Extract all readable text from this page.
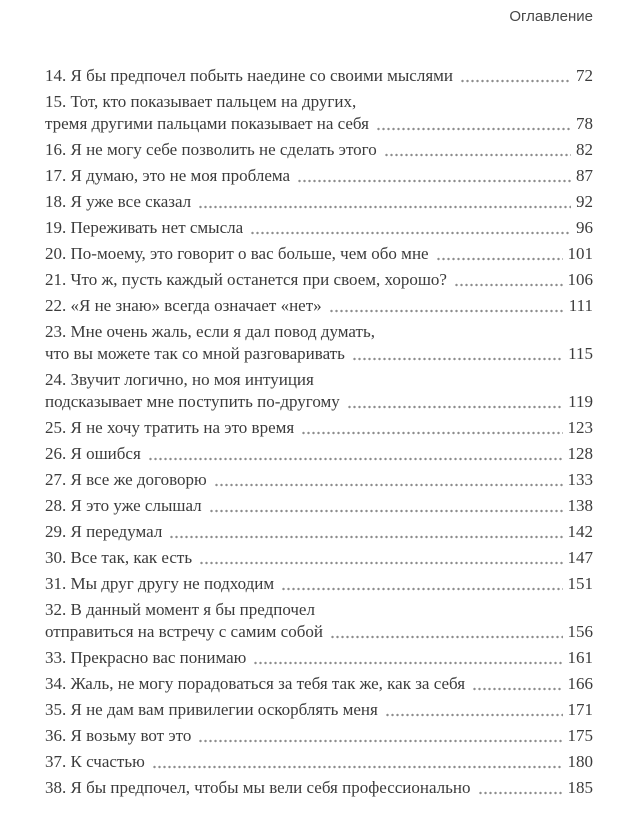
Оглавление
14. Я бы предпочел побыть наедине со своими мыслями	72
15. Тот, кто показывает пальцем на других,
тремя другими пальцами показывает на себя	78
16. Я не могу себе позволить не сделать этого	82
17. Я думаю, это не моя проблема	87
18. Я уже все сказал	92
19. Переживать нет смысла	96
20. По-моему, это говорит о вас больше, чем обо мне	101
21. Что ж, пусть каждый останется при своем, хорошо?	106
22. «Я не знаю» всегда означает «нет»	111
23. Мне очень жаль, если я дал повод думать,
что вы можете так со мной разговаривать	115
24. Звучит логично, но моя интуиция
подсказывает мне поступить по-другому	119
25. Я не хочу тратить на это время	123
26. Я ошибся	128
27. Я все же договорю	133
28. Я это уже слышал	138
29. Я передумал	142
30. Все так, как есть	147
31. Мы друг другу не подходим	151
32. В данный момент я бы предпочел
отправиться на встречу с самим собой	156
33. Прекрасно вас понимаю	161
34. Жаль, не могу порадоваться за тебя так же, как за себя	166
35. Я не дам вам привилегии оскорблять меня	171
36. Я возьму вот это	175
37. К счастью	180
38. Я бы предпочел, чтобы мы вели себя профессионально	185
